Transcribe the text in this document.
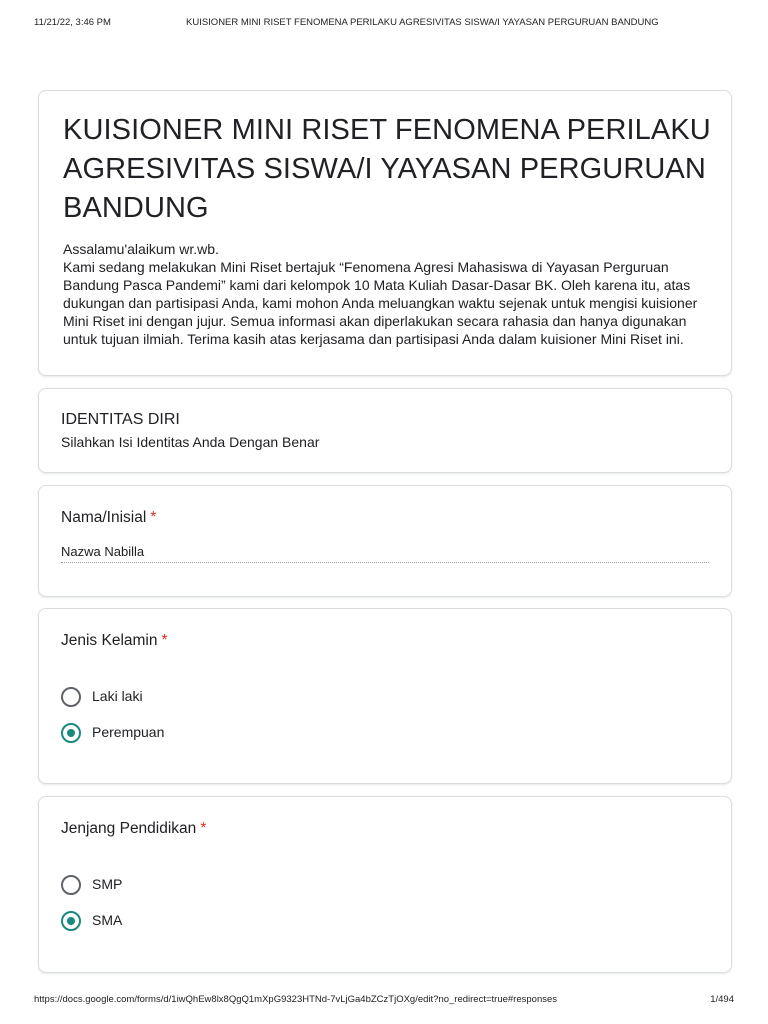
11/21/22, 3:46 PM	KUISIONER MINI RISET FENOMENA PERILAKU AGRESIVITAS SISWA/I YAYASAN PERGURUAN BANDUNG
KUISIONER MINI RISET FENOMENA PERILAKU AGRESIVITAS SISWA/I YAYASAN PERGURUAN BANDUNG
Assalamu'alaikum wr.wb.
Kami sedang melakukan Mini Riset bertajuk “Fenomena Agresi Mahasiswa di Yayasan Perguruan Bandung Pasca Pandemi” kami dari kelompok 10 Mata Kuliah Dasar-Dasar BK. Oleh karena itu, atas dukungan dan partisipasi Anda, kami mohon Anda meluangkan waktu sejenak untuk mengisi kuisioner Mini Riset ini dengan jujur. Semua informasi akan diperlakukan secara rahasia dan hanya digunakan untuk tujuan ilmiah. Terima kasih atas kerjasama dan partisipasi Anda dalam kuisioner Mini Riset ini.
IDENTITAS DIRI
Silahkan Isi Identitas Anda Dengan Benar
Nama/Inisial *
Nazwa Nabilla
Jenis Kelamin *
Laki laki
Perempuan
Jenjang Pendidikan *
SMP
SMA
https://docs.google.com/forms/d/1iwQhEw8lx8QgQ1mXpG9323HTNd-7vLjGa4bZCzTjOXg/edit?no_redirect=true#responses	1/494
